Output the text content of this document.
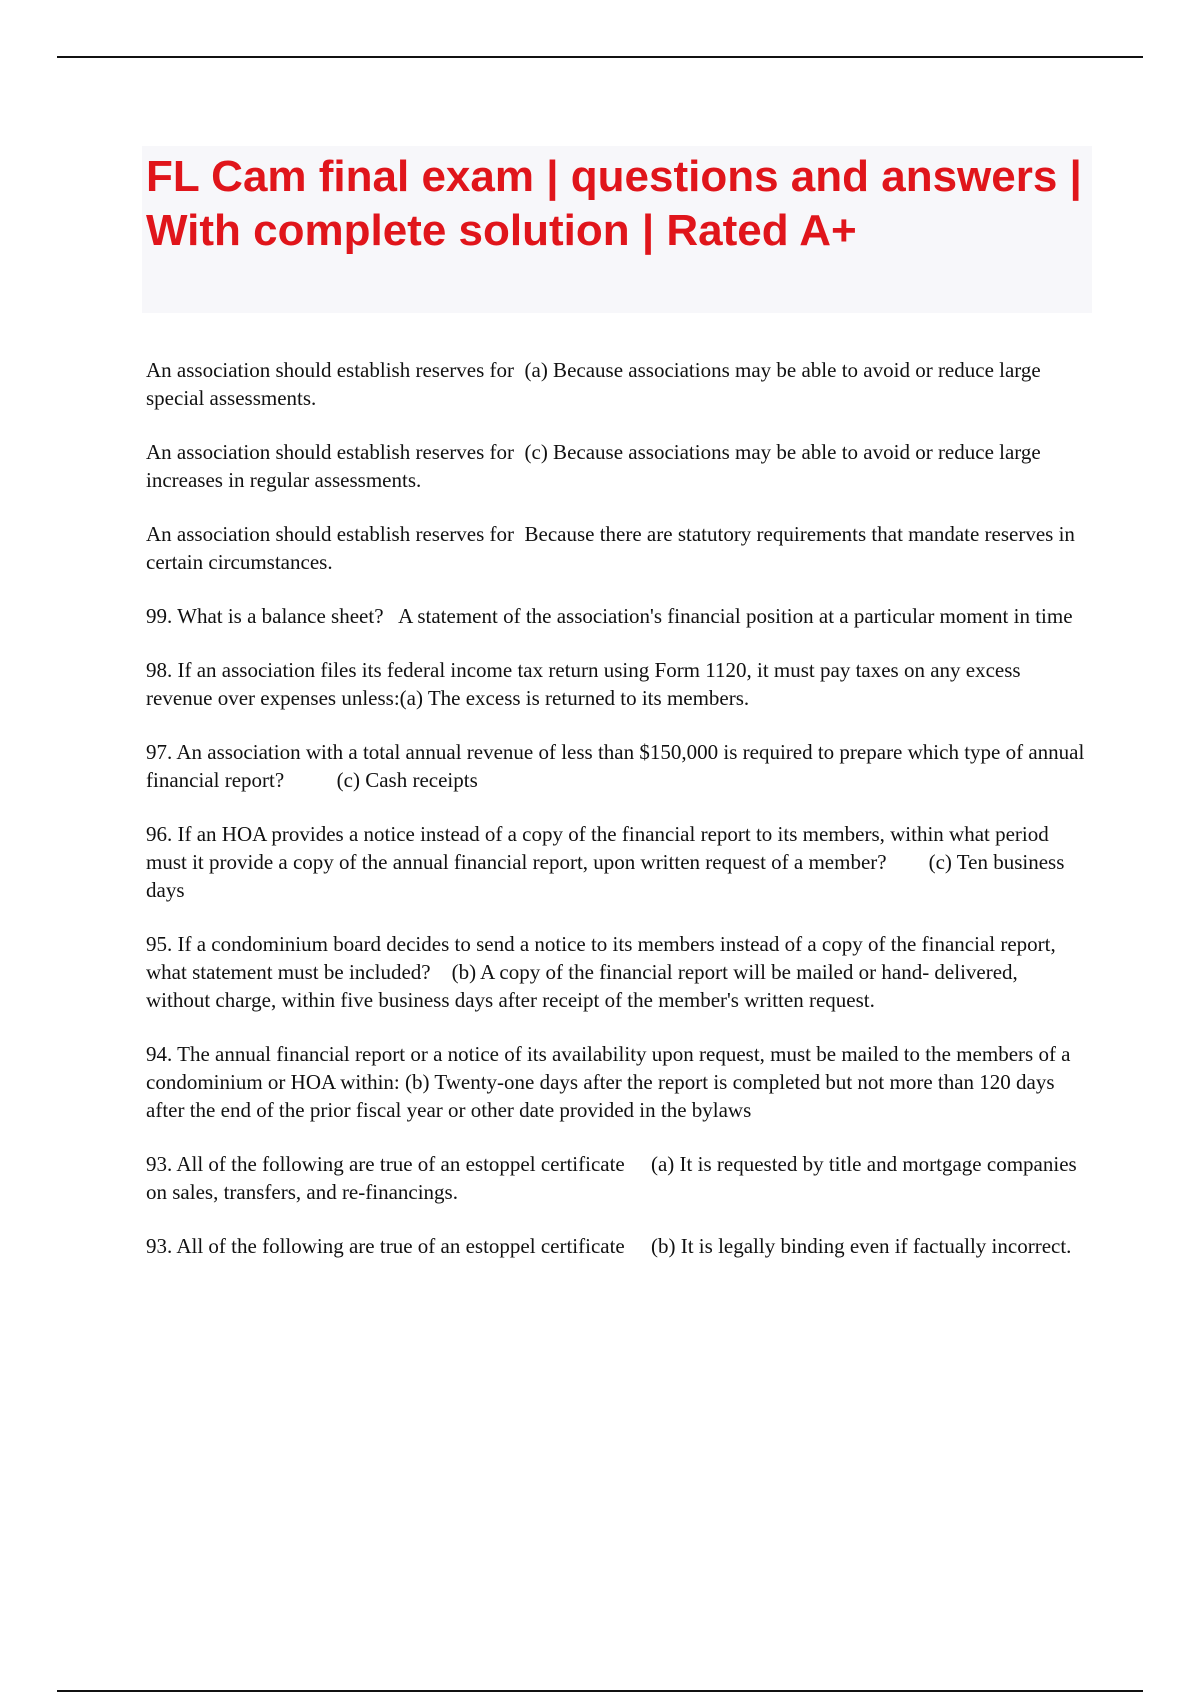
FL Cam final exam | questions and answers | With complete solution | Rated A+

An association should establish reserves for  (a) Because associations may be able to avoid or reduce large special assessments.

An association should establish reserves for  (c) Because associations may be able to avoid or reduce large increases in regular assessments.

An association should establish reserves for  Because there are statutory requirements that mandate reserves in certain circumstances.

99. What is a balance sheet?   A statement of the association's financial position at a particular moment in time

98. If an association files its federal income tax return using Form 1120, it must pay taxes on any excess revenue over expenses unless:(a) The excess is returned to its members.

97. An association with a total annual revenue of less than $150,000 is required to prepare which type of annual financial report?          (c) Cash receipts

96. If an HOA provides a notice instead of a copy of the financial report to its members, within what period must it provide a copy of the annual financial report, upon written request of a member?        (c) Ten business days

95. If a condominium board decides to send a notice to its members instead of a copy of the financial report, what statement must be included?    (b) A copy of the financial report will be mailed or hand- delivered, without charge, within five business days after receipt of the member's written request.

94. The annual financial report or a notice of its availability upon request, must be mailed to the members of a condominium or HOA within: (b) Twenty-one days after the report is completed but not more than 120 days after the end of the prior fiscal year or other date provided in the bylaws

93. All of the following are true of an estoppel certificate     (a) It is requested by title and mortgage companies on sales, transfers, and re-financings.

93. All of the following are true of an estoppel certificate     (b) It is legally binding even if factually incorrect.
